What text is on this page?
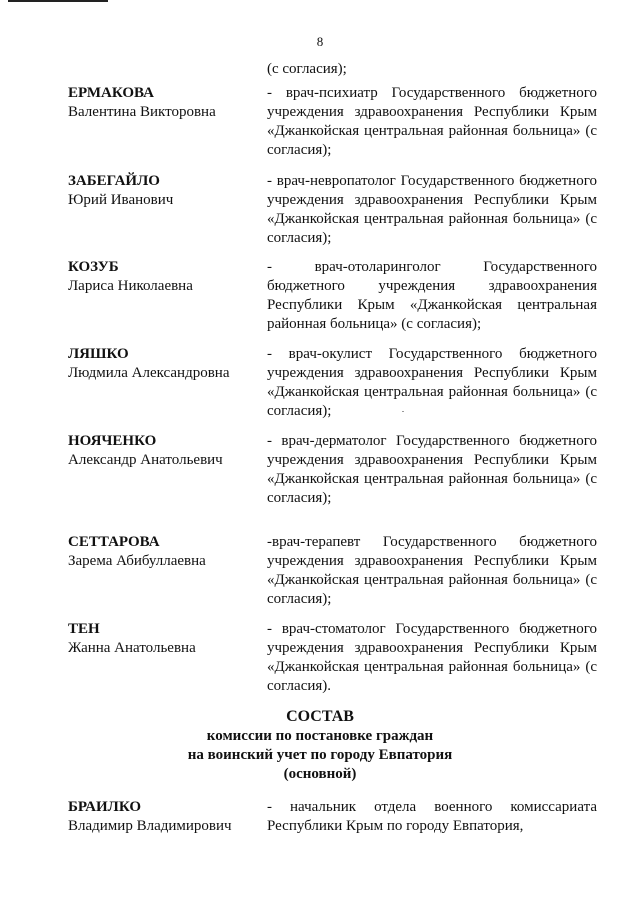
8
(с согласия);
ЕРМАКОВА
Валентина Викторовна
- врач-психиатр Государственного бюджетного учреждения здравоохранения Республики Крым «Джанкойская центральная районная больница» (с согласия);
ЗАБЕГАЙЛО
Юрий Иванович
- врач-невропатолог Государственного бюджетного учреждения здравоохранения Республики Крым «Джанкойская центральная районная больница» (с согласия);
КОЗУБ
Лариса Николаевна
- врач-отоларинголог Государственного бюджетного учреждения здравоохранения Республики Крым «Джанкойская центральная районная больница» (с согласия);
ЛЯШКО
Людмила Александровна
- врач-окулист Государственного бюджетного учреждения здравоохранения Республики Крым «Джанкойская центральная районная больница» (с согласия);
НОЯЧЕНКО
Александр Анатольевич
- врач-дерматолог Государственного бюджетного учреждения здравоохранения Республики Крым «Джанкойская центральная районная больница» (с согласия);
СЕТТАРОВА
Зарема Абибуллаевна
-врач-терапевт Государственного бюджетного учреждения здравоохранения Республики Крым «Джанкойская центральная районная больница» (с согласия);
ТЕН
Жанна Анатольевна
- врач-стоматолог Государственного бюджетного учреждения здравоохранения Республики Крым «Джанкойская центральная районная больница» (с согласия).
СОСТАВ
комиссии по постановке граждан
на воинский учет по городу Евпатория
(основной)
БРАИЛКО
Владимир Владимирович
- начальник отдела военного комиссариата Республики Крым по городу Евпатория,
